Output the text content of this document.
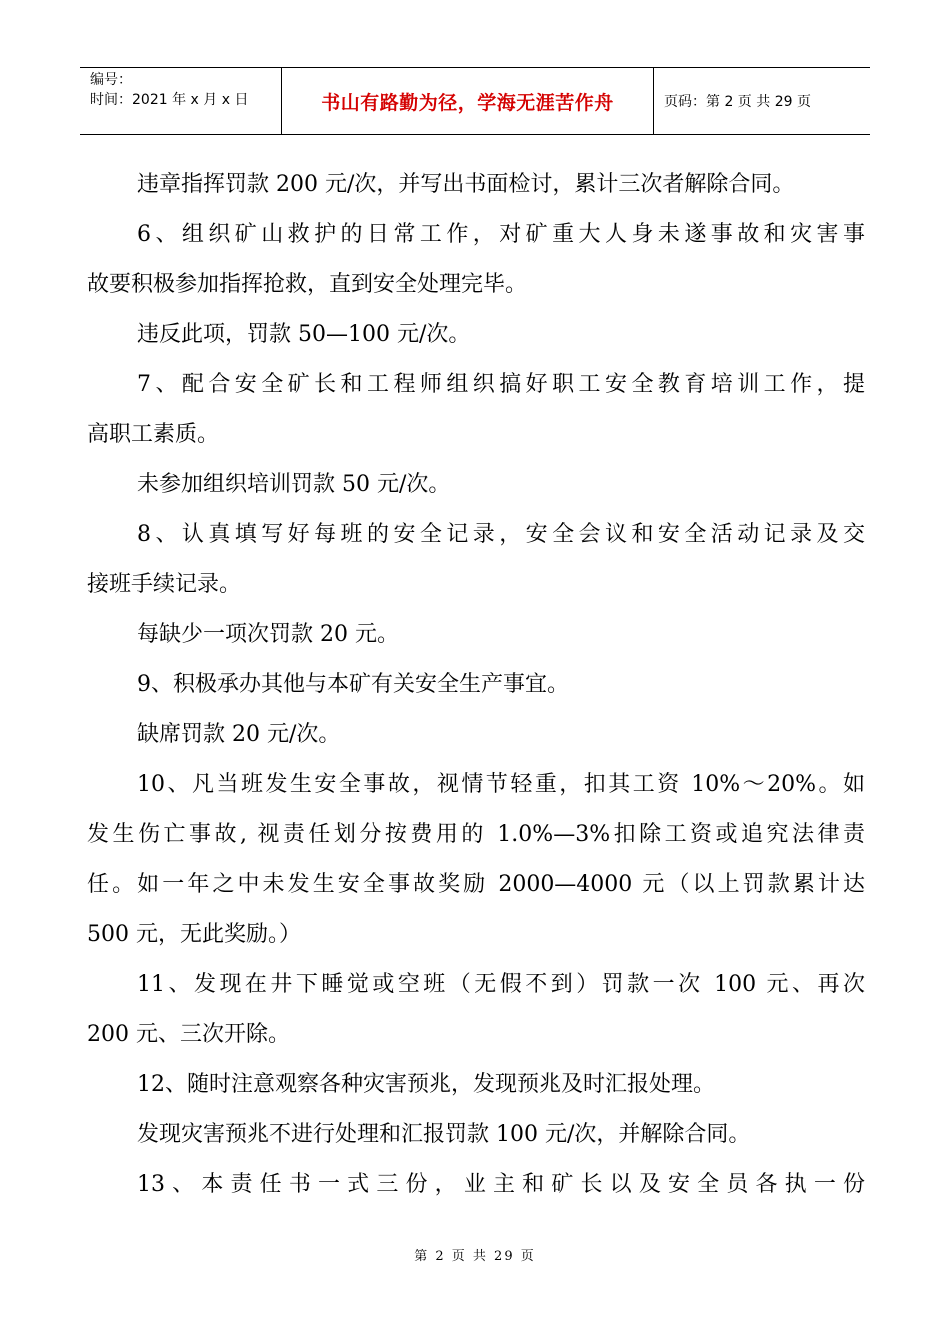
编号：
时间：2021 年 x 月 x 日	书山有路勤为径，学海无涯苦作舟	页码：第 2 页 共 29 页

违章指挥罚款 200 元/次，并写出书面检讨，累计三次者解除合同。

6、组织矿山救护的日常工作，对矿重大人身未遂事故和灾害事

故要积极参加指挥抢救，直到安全处理完毕。

违反此项，罚款 50—100 元/次。

7、配合安全矿长和工程师组织搞好职工安全教育培训工作，提

高职工素质。

未参加组织培训罚款 50 元/次。

8、认真填写好每班的安全记录，安全会议和安全活动记录及交

接班手续记录。

每缺少一项次罚款 20 元。

9、积极承办其他与本矿有关安全生产事宜。

缺席罚款 20 元/次。

10、凡当班发生安全事故，视情节轻重，扣其工资 10%～20%。如

发生伤亡事故, 视责任划分按费用的 1.0%—3%扣除工资或追究法律责

任。如一年之中未发生安全事故奖励 2000—4000 元（以上罚款累计达

500 元，无此奖励。）

11、发现在井下睡觉或空班（无假不到）罚款一次 100 元、再次

200 元、三次开除。

12、随时注意观察各种灾害预兆，发现预兆及时汇报处理。

发现灾害预兆不进行处理和汇报罚款 100 元/次，并解除合同。

13、本责任书一式三份，业主和矿长以及安全员各执一份

第 2 页 共 29 页
